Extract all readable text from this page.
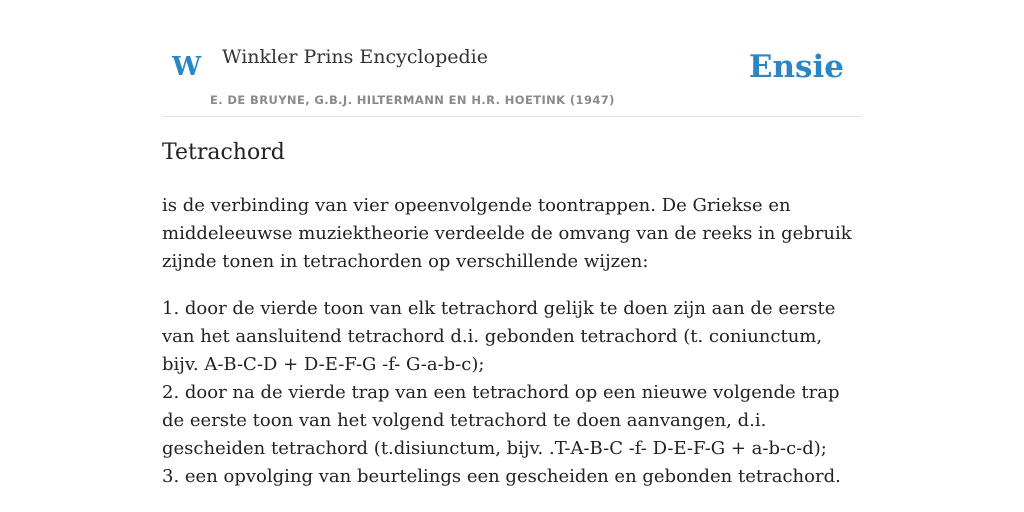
W Winkler Prins Encyclopedie	Ensie
E. DE BRUYNE, G.B.J. HILTERMANN EN H.R. HOETINK (1947)
Tetrachord

is de verbinding van vier opeenvolgende toontrappen. De Griekse en middeleeuwse muziektheorie verdeelde de omvang van de reeks in gebruik zijnde tonen in tetrachorden op verschillende wijzen:

1. door de vierde toon van elk tetrachord gelijk te doen zijn aan de eerste van het aansluitend tetrachord d.i. gebonden tetrachord (t. coniunctum, bijv. A-B-C-D + D-E-F-G -f- G-a-b-c);

2. door na de vierde trap van een tetrachord op een nieuwe volgende trap de eerste toon van het volgend tetrachord te doen aanvangen, d.i. gescheiden tetrachord (t.disiunctum, bijv. .T-A-B-C -f- D-E-F-G + a-b-c-d);

3. een opvolging van beurtelings een gescheiden en gebonden tetrachord.
